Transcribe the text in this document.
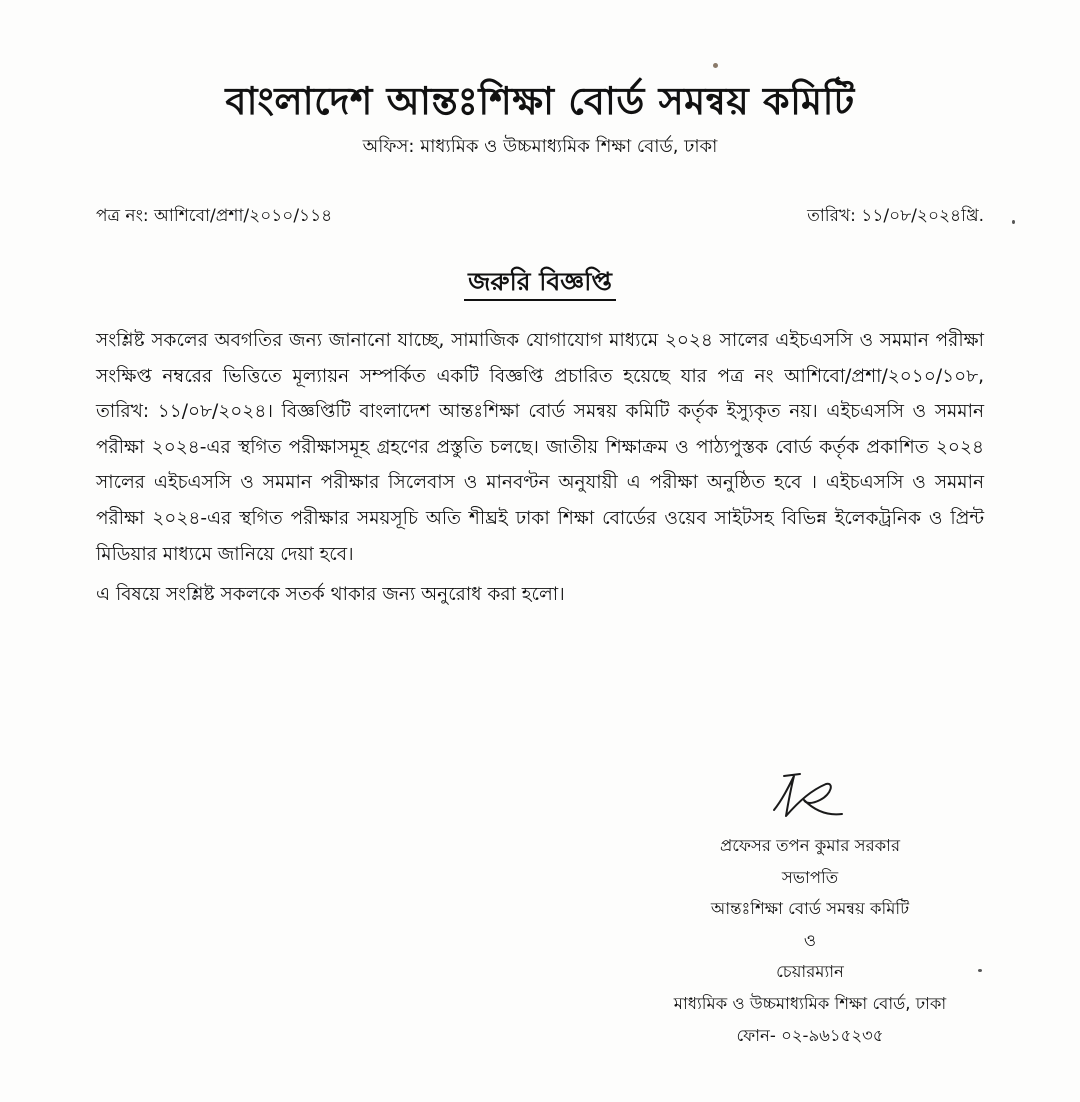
বাংলাদেশ আন্তঃশিক্ষা বোর্ড সমন্বয় কমিটি
অফিস: মাধ্যমিক ও উচ্চমাধ্যমিক শিক্ষা বোর্ড, ঢাকা
পত্র নং: আশিবো/প্রশা/২০১০/১১৪	তারিখ: ১১/০৮/২০২৪খ্রি.
জরুরি বিজ্ঞপ্তি

সংশ্লিষ্ট সকলের অবগতির জন্য জানানো যাচ্ছে, সামাজিক যোগাযোগ মাধ্যমে ২০২৪ সালের এইচএসসি ও সমমান পরীক্ষা সংক্ষিপ্ত নম্বরের ভিত্তিতে মূল্যায়ন সম্পর্কিত একটি বিজ্ঞপ্তি প্রচারিত হয়েছে যার পত্র নং আশিবো/প্রশা/২০১০/১০৮, তারিখ: ১১/০৮/২০২৪। বিজ্ঞপ্তিটি বাংলাদেশ আন্তঃশিক্ষা বোর্ড সমন্বয় কমিটি কর্তৃক ইস্যুকৃত নয়। এইচএসসি ও সমমান পরীক্ষা ২০২৪-এর স্থগিত পরীক্ষাসমূহ গ্রহণের প্রস্তুতি চলছে। জাতীয় শিক্ষাক্রম ও পাঠ্যপুস্তক বোর্ড কর্তৃক প্রকাশিত ২০২৪ সালের এইচএসসি ও সমমান পরীক্ষার সিলেবাস ও মানবণ্টন অনুযায়ী এ পরীক্ষা অনুষ্ঠিত হবে । এইচএসসি ও সমমান পরীক্ষা ২০২৪-এর স্থগিত পরীক্ষার সময়সূচি অতি শীঘ্রই ঢাকা শিক্ষা বোর্ডের ওয়েব সাইটসহ বিভিন্ন ইলেকট্রনিক ও প্রিন্ট মিডিয়ার মাধ্যমে জানিয়ে দেয়া হবে।

এ বিষয়ে সংশ্লিষ্ট সকলকে সতর্ক থাকার জন্য অনুরোধ করা হলো।

প্রফেসর তপন কুমার সরকার
সভাপতি
আন্তঃশিক্ষা বোর্ড সমন্বয় কমিটি
ও
চেয়ারম্যান
মাধ্যমিক ও উচ্চমাধ্যমিক শিক্ষা বোর্ড, ঢাকা
ফোন- ০২-৯৬১৫২৩৫
